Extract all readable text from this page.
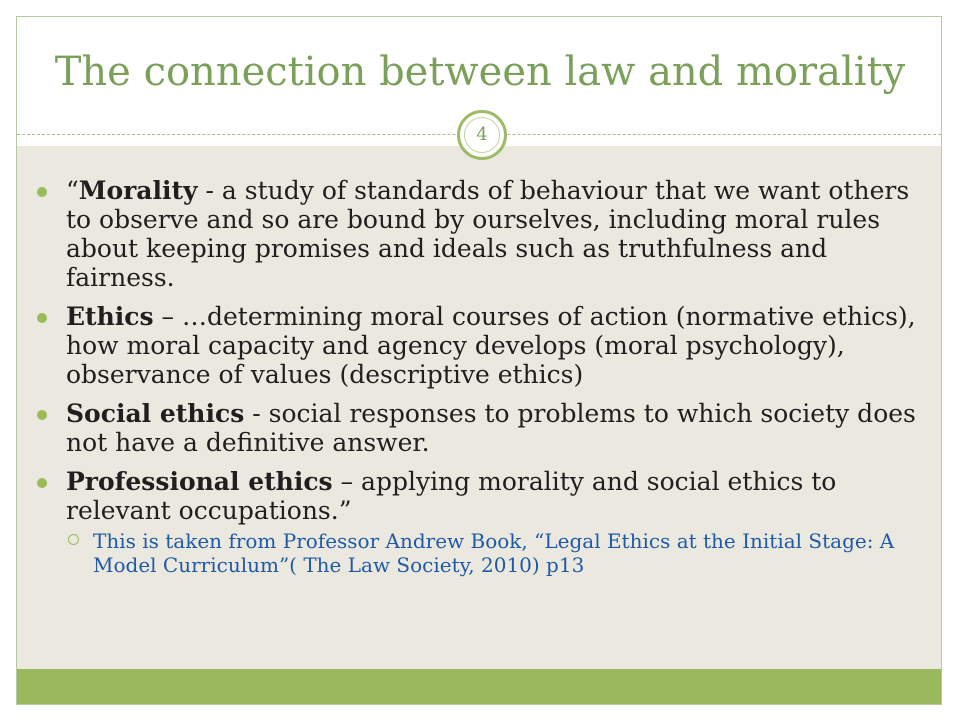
The connection between law and morality
4
“Morality - a study of standards of behaviour that we want others to observe and so are bound by ourselves, including moral rules about keeping promises and ideals such as truthfulness and fairness.
Ethics – …determining moral courses of action (normative ethics), how moral capacity and agency develops (moral psychology), observance of values (descriptive ethics)
Social ethics - social responses to problems to which society does not have a definitive answer.
Professional ethics – applying morality and social ethics to relevant occupations.”
This is taken from Professor Andrew Book, “Legal Ethics at the Initial Stage: A Model Curriculum”( The Law Society, 2010) p13
